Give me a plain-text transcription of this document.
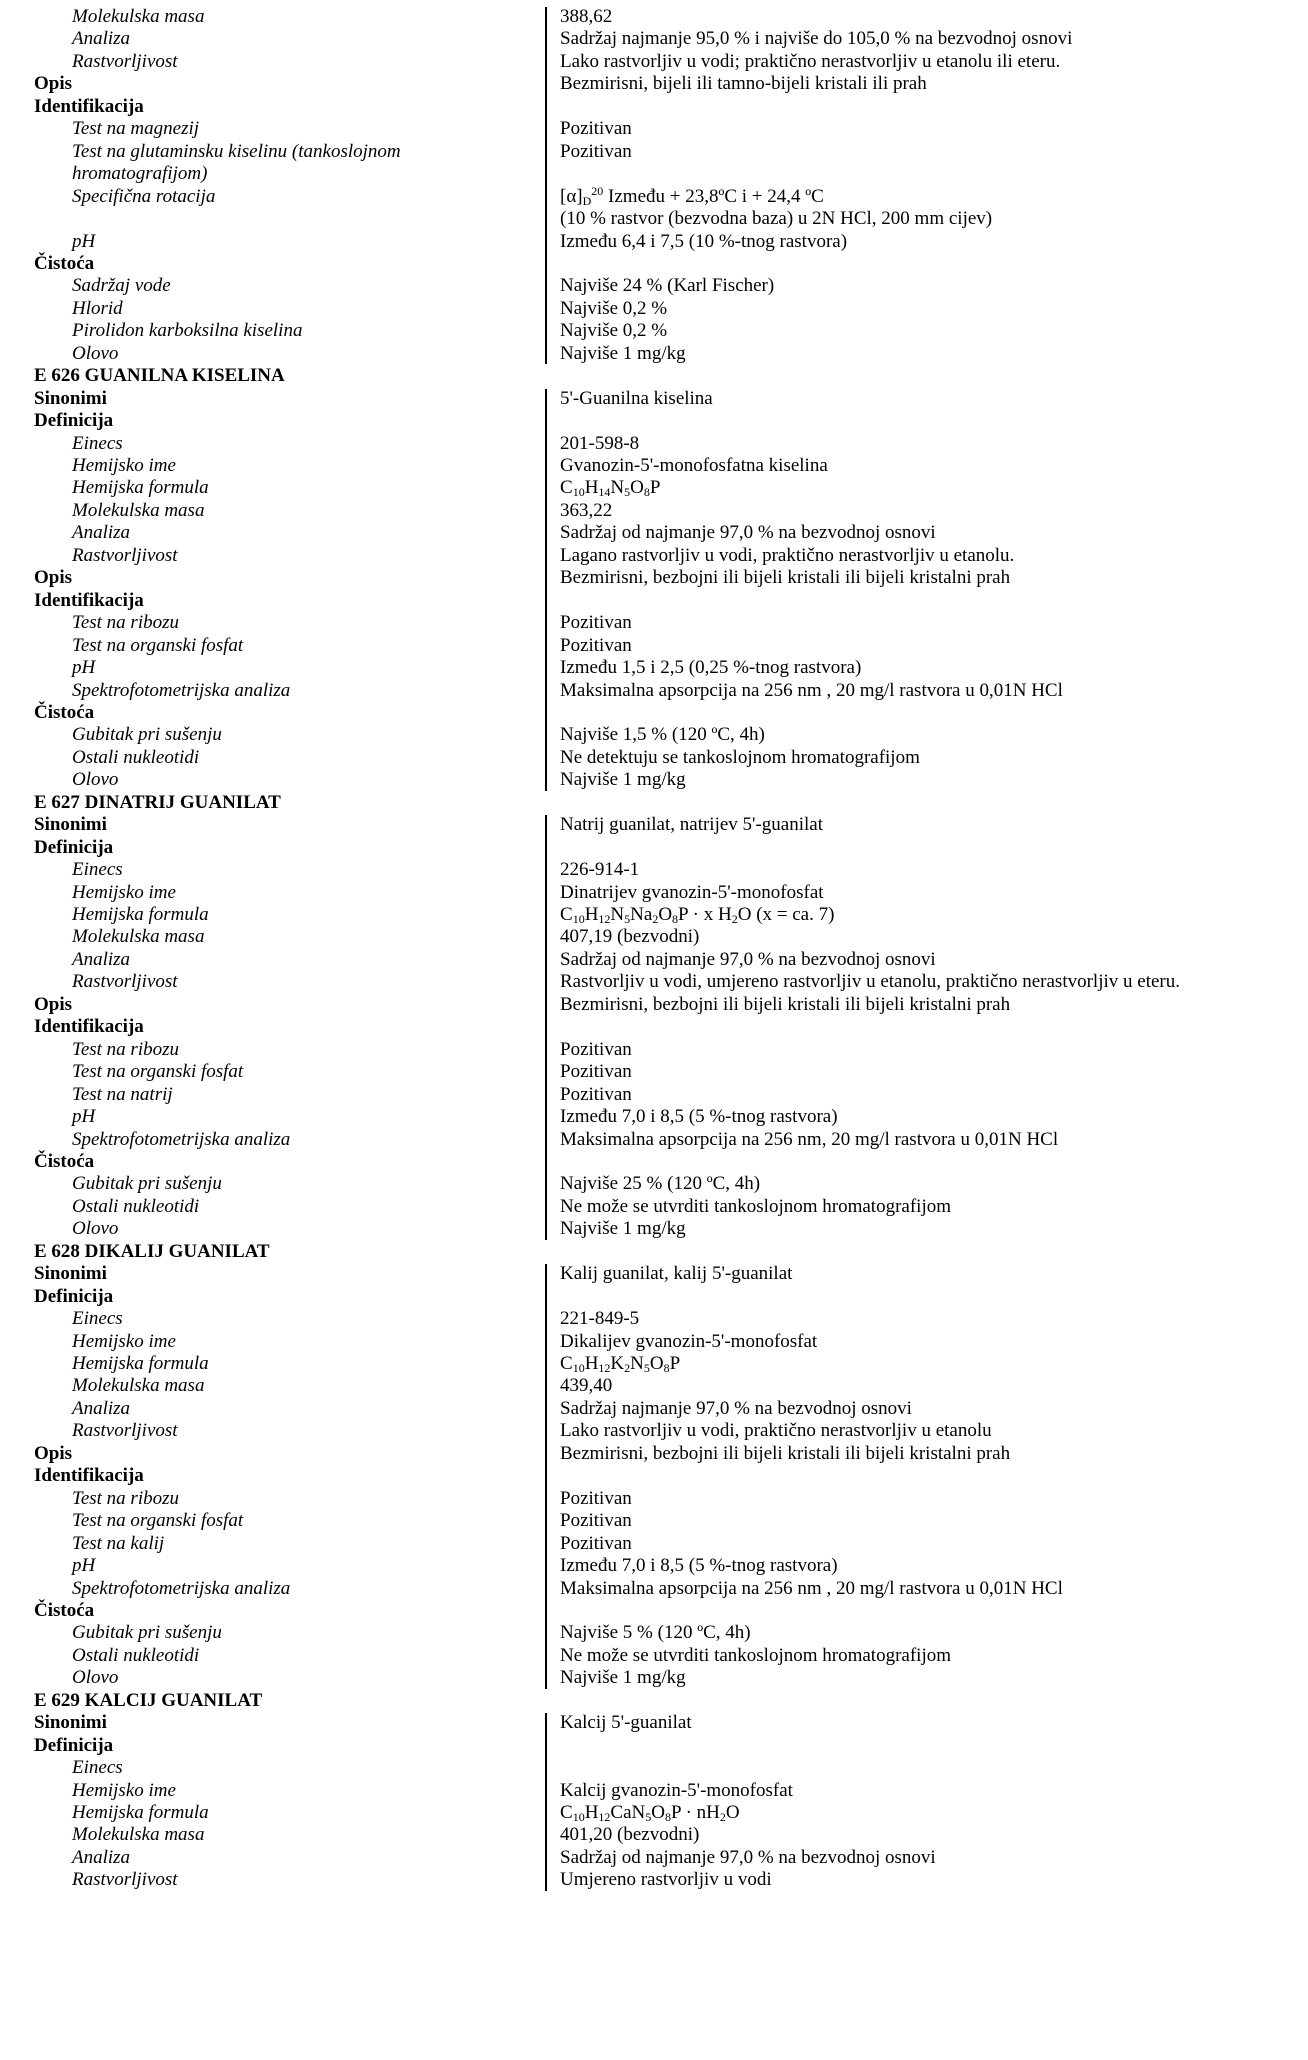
Molekulska masa	388,62
Analiza	Sadržaj najmanje 95,0 % i najviše do 105,0 % na bezvodnoj osnovi
Rastvorljivost	Lako rastvorljiv u vodi; praktično nerastvorljiv u etanolu ili eteru.
Opis	Bezmirisni, bijeli ili tamno-bijeli kristali ili prah
Identifikacija
Test na magnezij	Pozitivan
Test na glutaminsku kiselinu (tankoslojnom	Pozitivan
hromatografijom)
Specifična rotacija	$[\alpha]_D^{20}$ Između + 23,8ºC i + 24,4 ºC
(10 % rastvor (bezvodna baza) u 2N HCl, 200 mm cijev)
pH	Između 6,4 i 7,5 (10 %-tnog rastvora)
Čistoća
Sadržaj vode	Najviše 24 % (Karl Fischer)
Hlorid	Najviše 0,2 %
Pirolidon karboksilna kiselina	Najviše 0,2 %
Olovo	Najviše 1 mg/kg
E 626 GUANILNA KISELINA
Sinonimi	5'-Guanilna kiselina
Definicija
Einecs	201-598-8
Hemijsko ime	Gvanozin-5'-monofosfatna kiselina
Hemijska formula	$C_{10}H_{14}N_5O_8P$
Molekulska masa	363,22
Analiza	Sadržaj od najmanje 97,0 % na bezvodnoj osnovi
Rastvorljivost	Lagano rastvorljiv u vodi, praktično nerastvorljiv u etanolu.
Opis	Bezmirisni, bezbojni ili bijeli kristali ili bijeli kristalni prah
Identifikacija
Test na ribozu	Pozitivan
Test na organski fosfat	Pozitivan
pH	Između 1,5 i 2,5 (0,25 %-tnog rastvora)
Spektrofotometrijska analiza	Maksimalna apsorpcija na 256 nm , 20 mg/l rastvora u 0,01N HCl
Čistoća
Gubitak pri sušenju	Najviše 1,5 % (120 ºC, 4h)
Ostali nukleotidi	Ne detektuju se tankoslojnom hromatografijom
Olovo	Najviše 1 mg/kg
E 627 DINATRIJ GUANILAT
Sinonimi	Natrij guanilat, natrijev 5'-guanilat
Definicija
Einecs	226-914-1
Hemijsko ime	Dinatrijev gvanozin-5'-monofosfat
Hemijska formula	$C_{10}H_{12}N_5Na_2O_8P \cdot x$ $H_2O$ (x = ca. 7)
Molekulska masa	407,19 (bezvodni)
Analiza	Sadržaj od najmanje 97,0 % na bezvodnoj osnovi
Rastvorljivost	Rastvorljiv u vodi, umjereno rastvorljiv u etanolu, praktično nerastvorljiv u eteru.
Opis	Bezmirisni, bezbojni ili bijeli kristali ili bijeli kristalni prah
Identifikacija
Test na ribozu	Pozitivan
Test na organski fosfat	Pozitivan
Test na natrij	Pozitivan
pH	Između 7,0 i 8,5 (5 %-tnog rastvora)
Spektrofotometrijska analiza	Maksimalna apsorpcija na 256 nm, 20 mg/l rastvora u 0,01N HCl
Čistoća
Gubitak pri sušenju	Najviše 25 % (120 ºC, 4h)
Ostali nukleotidi	Ne može se utvrditi tankoslojnom hromatografijom
Olovo	Najviše 1 mg/kg
E 628 DIKALIJ GUANILAT
Sinonimi	Kalij guanilat, kalij 5'-guanilat
Definicija
Einecs	221-849-5
Hemijsko ime	Dikalijev gvanozin-5'-monofosfat
Hemijska formula	$C_{10}H_{12}K_2N_5O_8P$
Molekulska masa	439,40
Analiza	Sadržaj najmanje 97,0 % na bezvodnoj osnovi
Rastvorljivost	Lako rastvorljiv u vodi, praktično nerastvorljiv u etanolu
Opis	Bezmirisni, bezbojni ili bijeli kristali ili bijeli kristalni prah
Identifikacija
Test na ribozu	Pozitivan
Test na organski fosfat	Pozitivan
Test na kalij	Pozitivan
pH	Između 7,0 i 8,5 (5 %-tnog rastvora)
Spektrofotometrijska analiza	Maksimalna apsorpcija na 256 nm , 20 mg/l rastvora u 0,01N HCl
Čistoća
Gubitak pri sušenju	Najviše 5 % (120 ºC, 4h)
Ostali nukleotidi	Ne može se utvrditi tankoslojnom hromatografijom
Olovo	Najviše 1 mg/kg
E 629 KALCIJ GUANILAT
Sinonimi	Kalcij 5'-guanilat
Definicija
Einecs
Hemijsko ime	Kalcij gvanozin-5'-monofosfat
Hemijska formula	$C_{10}H_{12}CaN_5O_8P \cdot nH_2O$
Molekulska masa	401,20 (bezvodni)
Analiza	Sadržaj od najmanje 97,0 % na bezvodnoj osnovi
Rastvorljivost	Umjereno rastvorljiv u vodi
